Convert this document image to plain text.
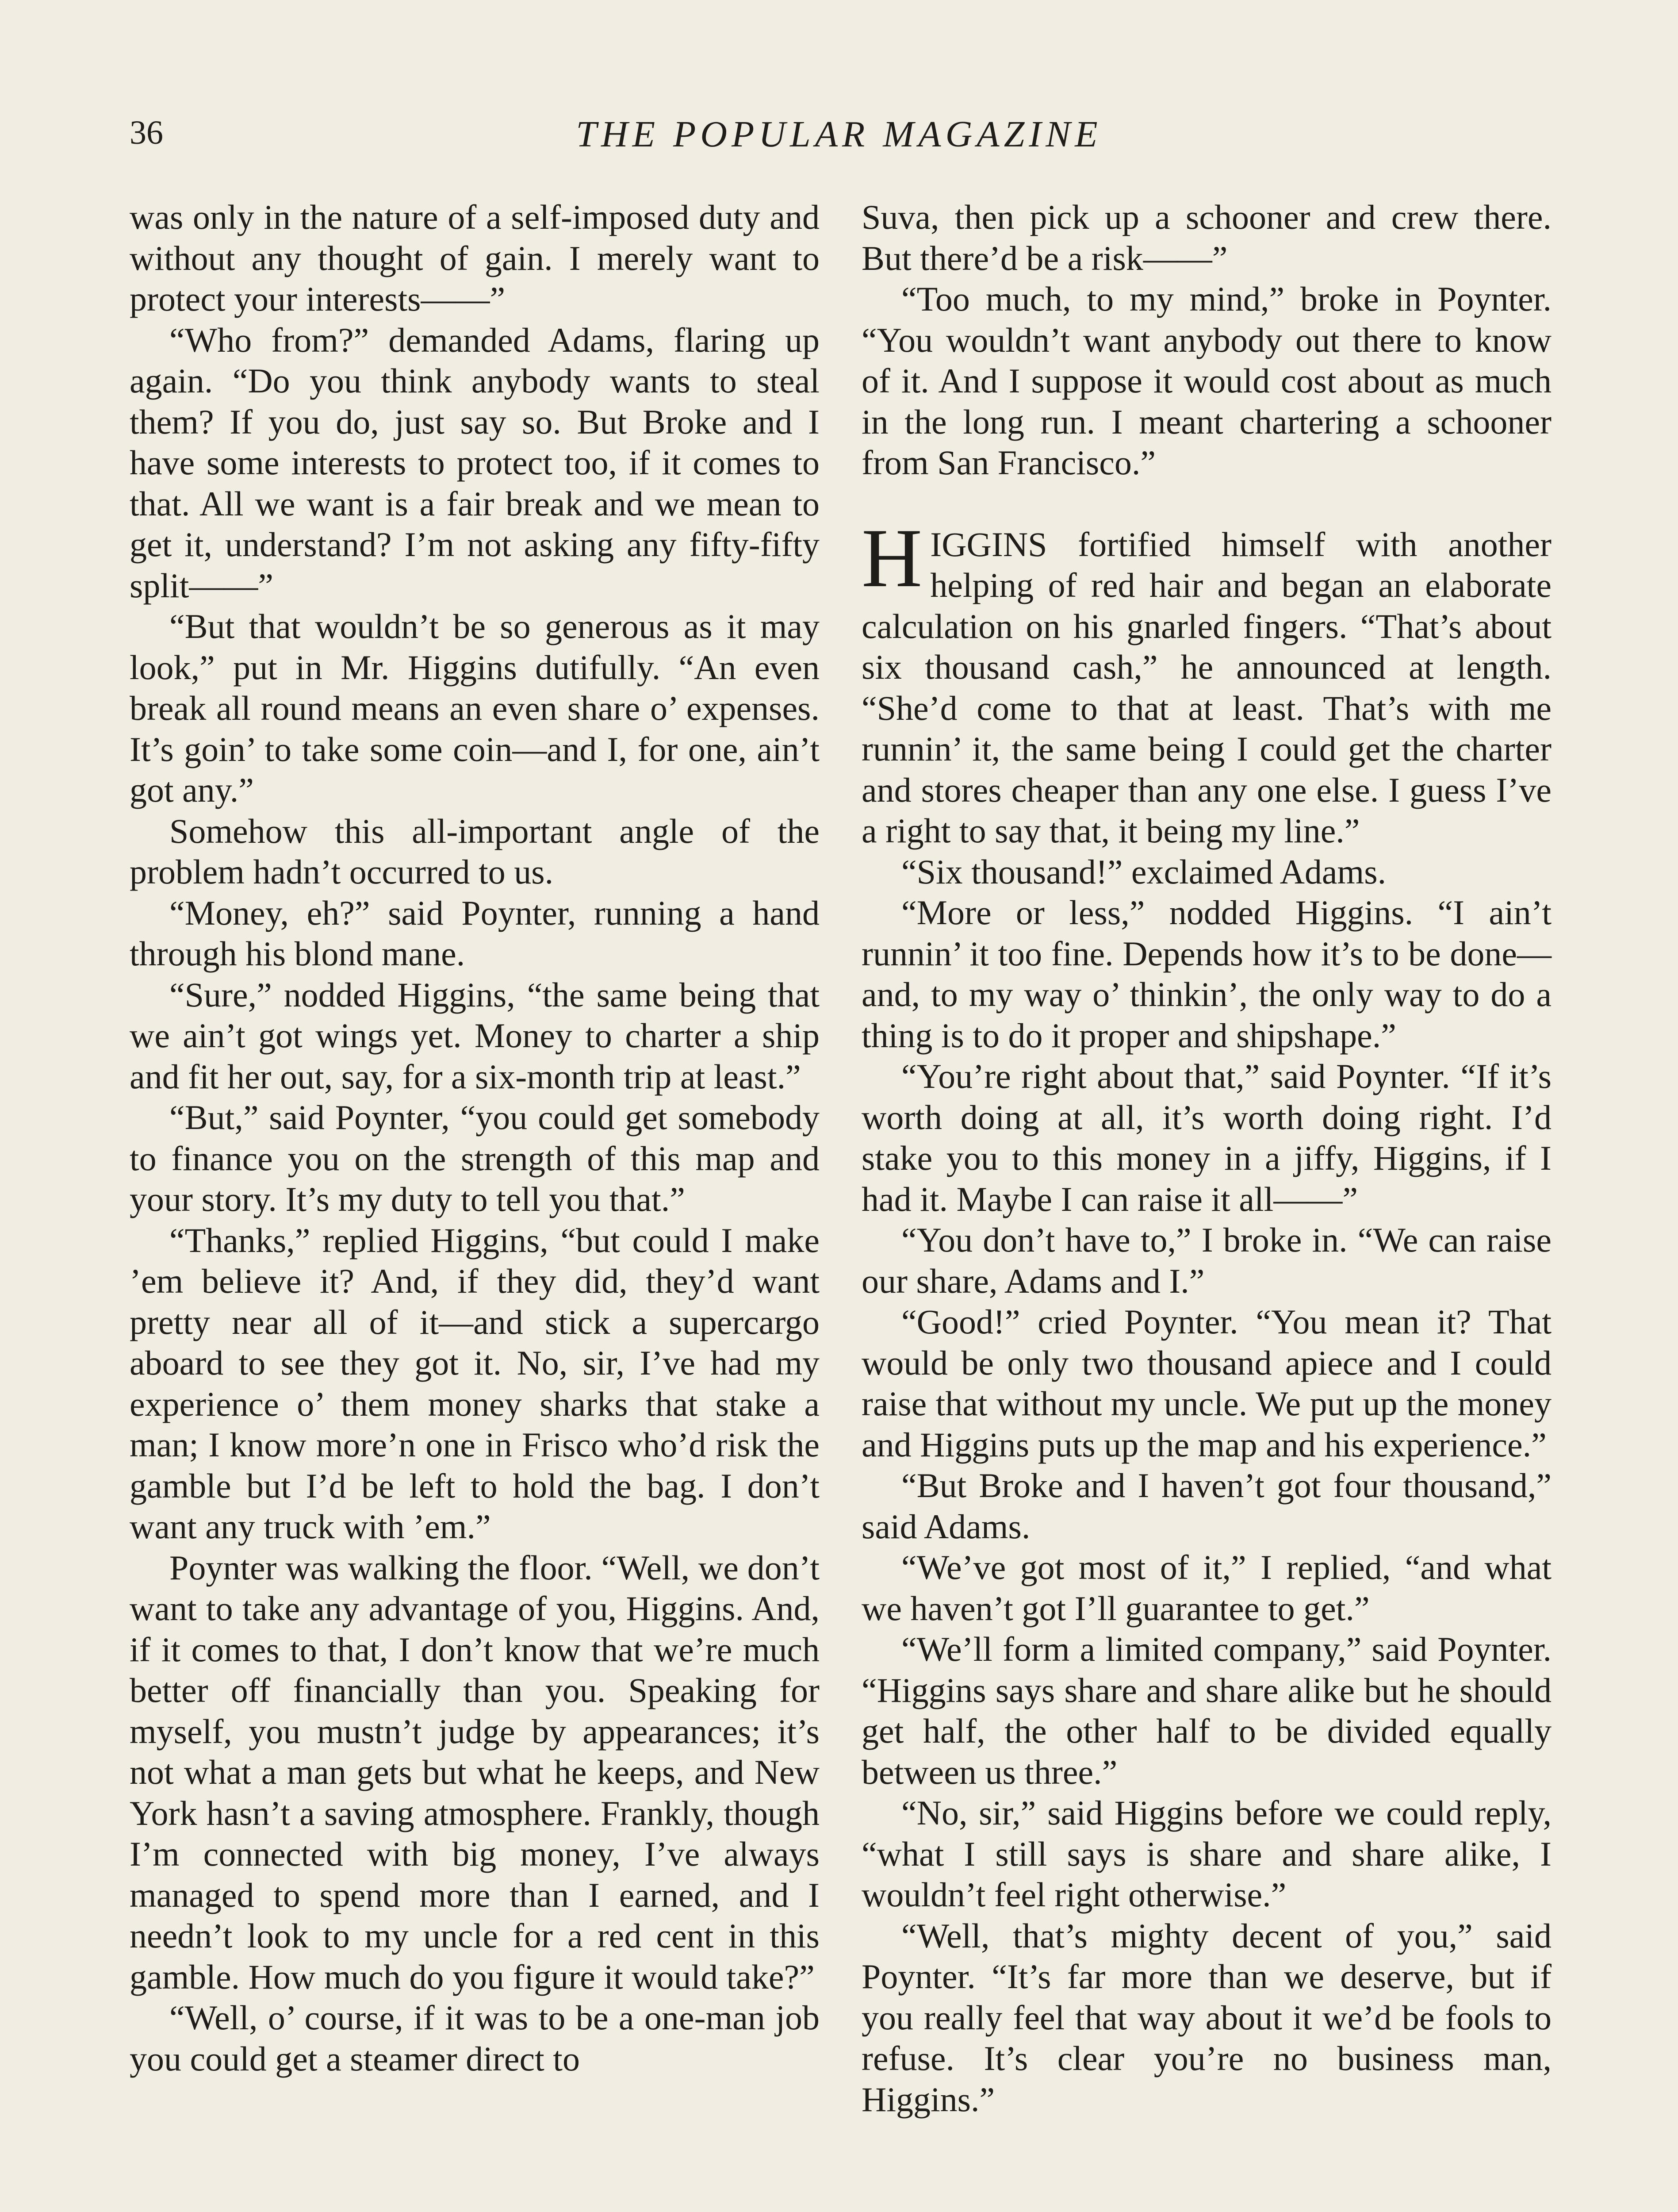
36	THE POPULAR MAGAZINE

was only in the nature of a self-imposed duty and without any thought of gain. I merely want to protect your interests——”

“Who from?” demanded Adams, flaring up again. “Do you think anybody wants to steal them? If you do, just say so. But Broke and I have some interests to protect too, if it comes to that. All we want is a fair break and we mean to get it, understand? I’m not asking any fifty-fifty split——”

“But that wouldn’t be so generous as it may look,” put in Mr. Higgins dutifully. “An even break all round means an even share o’ expenses. It’s goin’ to take some coin—and I, for one, ain’t got any.”

Somehow this all-important angle of the problem hadn’t occurred to us.

“Money, eh?” said Poynter, running a hand through his blond mane.

“Sure,” nodded Higgins, “the same being that we ain’t got wings yet. Money to charter a ship and fit her out, say, for a six-month trip at least.”

“But,” said Poynter, “you could get somebody to finance you on the strength of this map and your story. It’s my duty to tell you that.”

“Thanks,” replied Higgins, “but could I make ’em believe it? And, if they did, they’d want pretty near all of it—and stick a supercargo aboard to see they got it. No, sir, I’ve had my experience o’ them money sharks that stake a man; I know more’n one in Frisco who’d risk the gamble but I’d be left to hold the bag. I don’t want any truck with ’em.”

Poynter was walking the floor. “Well, we don’t want to take any advantage of you, Higgins. And, if it comes to that, I don’t know that we’re much better off financially than you. Speaking for myself, you mustn’t judge by appearances; it’s not what a man gets but what he keeps, and New York hasn’t a saving atmosphere. Frankly, though I’m connected with big money, I’ve always managed to spend more than I earned, and I needn’t look to my uncle for a red cent in this gamble. How much do you figure it would take?”

“Well, o’ course, if it was to be a one-man job you could get a steamer direct to

Suva, then pick up a schooner and crew there. But there’d be a risk——”

“Too much, to my mind,” broke in Poynter. “You wouldn’t want anybody out there to know of it. And I suppose it would cost about as much in the long run. I meant chartering a schooner from San Francisco.”

HIGGINS fortified himself with another helping of red hair and began an elaborate calculation on his gnarled fingers. “That’s about six thousand cash,” he announced at length. “She’d come to that at least. That’s with me runnin’ it, the same being I could get the charter and stores cheaper than any one else. I guess I’ve a right to say that, it being my line.”

“Six thousand!” exclaimed Adams.

“More or less,” nodded Higgins. “I ain’t runnin’ it too fine. Depends how it’s to be done—and, to my way o’ thinkin’, the only way to do a thing is to do it proper and shipshape.”

“You’re right about that,” said Poynter. “If it’s worth doing at all, it’s worth doing right. I’d stake you to this money in a jiffy, Higgins, if I had it. Maybe I can raise it all——”

“You don’t have to,” I broke in. “We can raise our share, Adams and I.”

“Good!” cried Poynter. “You mean it? That would be only two thousand apiece and I could raise that without my uncle. We put up the money and Higgins puts up the map and his experience.”

“But Broke and I haven’t got four thousand,” said Adams.

“We’ve got most of it,” I replied, “and what we haven’t got I’ll guarantee to get.”

“We’ll form a limited company,” said Poynter. “Higgins says share and share alike but he should get half, the other half to be divided equally between us three.”

“No, sir,” said Higgins before we could reply, “what I still says is share and share alike, I wouldn’t feel right otherwise.”

“Well, that’s mighty decent of you,” said Poynter. “It’s far more than we deserve, but if you really feel that way about it we’d be fools to refuse. It’s clear you’re no business man, Higgins.”
